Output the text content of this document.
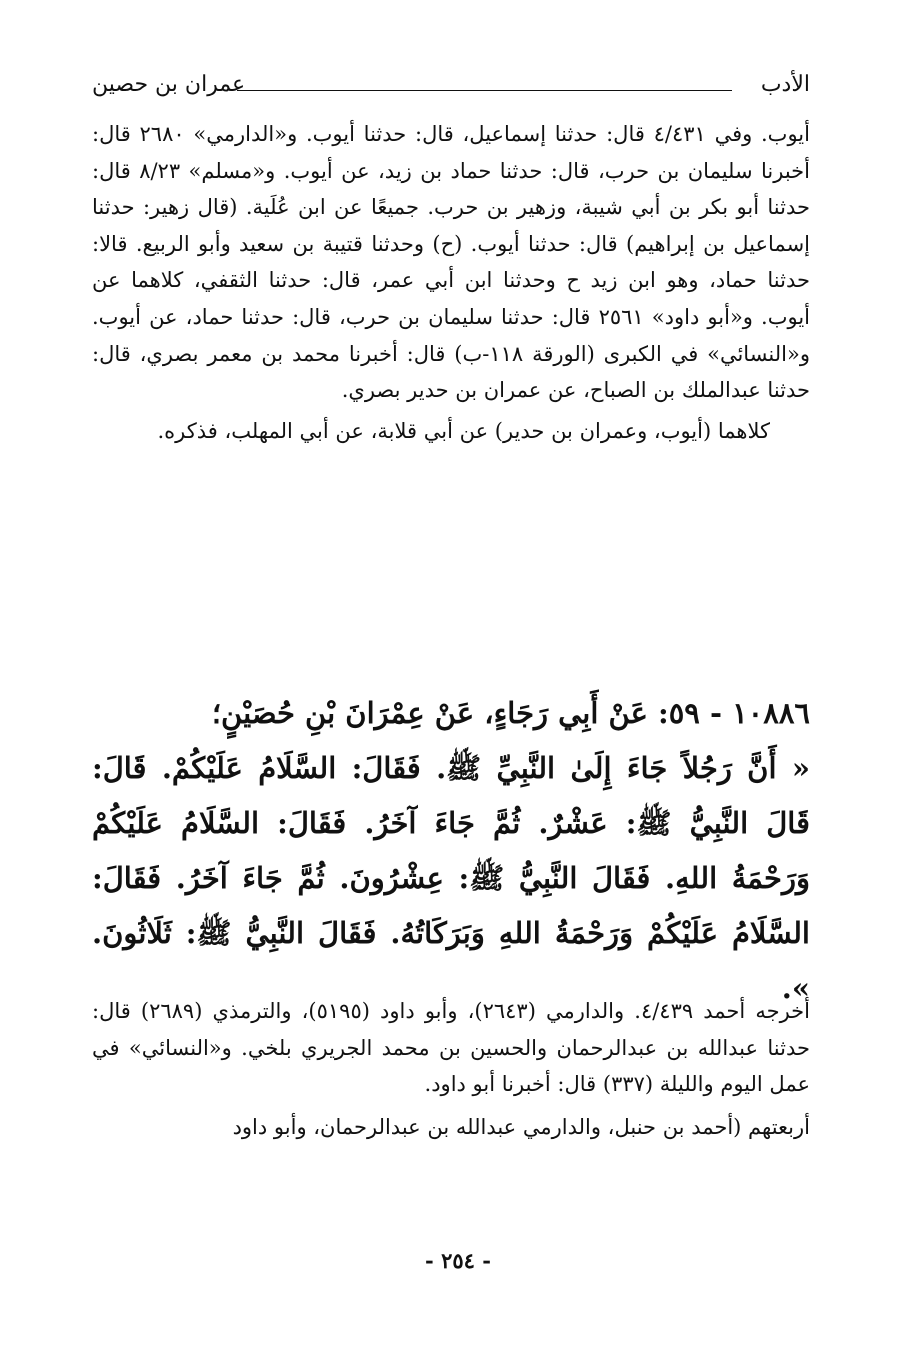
الأدب
عمران بن حصين

أيوب. وفي ٤/٤٣١ قال: حدثنا إسماعيل، قال: حدثنا أيوب. و«الدارمي» ٢٦٨٠ قال: أخبرنا سليمان بن حرب، قال: حدثنا حماد بن زيد، عن أيوب. و«مسلم» ٨/٢٣ قال: حدثنا أبو بكر بن أبي شيبة، وزهير بن حرب. جميعًا عن ابن عُلَية. (قال زهير: حدثنا إسماعيل بن إبراهيم) قال: حدثنا أيوب. (ح) وحدثنا قتيبة بن سعيد وأبو الربيع. قالا: حدثنا حماد، وهو ابن زيد ح وحدثنا ابن أبي عمر، قال: حدثنا الثقفي، كلاهما عن أيوب. و«أبو داود» ٢٥٦١ قال: حدثنا سليمان بن حرب، قال: حدثنا حماد، عن أيوب. و«النسائي» في الكبرى (الورقة ١١٨-ب) قال: أخبرنا محمد بن معمر بصري، قال: حدثنا عبدالملك بن الصباح، عن عمران بن حدير بصري.

كلاهما (أيوب، وعمران بن حدير) عن أبي قلابة، عن أبي المهلب، فذكره.

١٠٨٨٦ - ٥٩: عَنْ أَبِي رَجَاءٍ، عَنْ عِمْرَانَ بْنِ حُصَيْنٍ؛

« أَنَّ رَجُلاً جَاءَ إِلَىٰ النَّبِيِّ ﷺ. فَقَالَ: السَّلَامُ عَلَيْكُمْ. قَالَ: قَالَ النَّبِيُّ ﷺ: عَشْرٌ. ثُمَّ جَاءَ آخَرُ. فَقَالَ: السَّلَامُ عَلَيْكُمْ وَرَحْمَةُ اللهِ. فَقَالَ النَّبِيُّ ﷺ: عِشْرُونَ. ثُمَّ جَاءَ آخَرُ. فَقَالَ: السَّلَامُ عَلَيْكُمْ وَرَحْمَةُ اللهِ وَبَرَكَاتُهُ. فَقَالَ النَّبِيُّ ﷺ: ثَلَاثُونَ. ».

أخرجه أحمد ٤/٤٣٩. والدارمي (٢٦٤٣)، وأبو داود (٥١٩٥)، والترمذي (٢٦٨٩) قال: حدثنا عبدالله بن عبدالرحمان والحسين بن محمد الجريري بلخي. و«النسائي» في عمل اليوم والليلة (٣٣٧) قال: أخبرنا أبو داود.

أربعتهم (أحمد بن حنبل، والدارمي عبدالله بن عبدالرحمان، وأبو داود

- ٢٥٤ -
